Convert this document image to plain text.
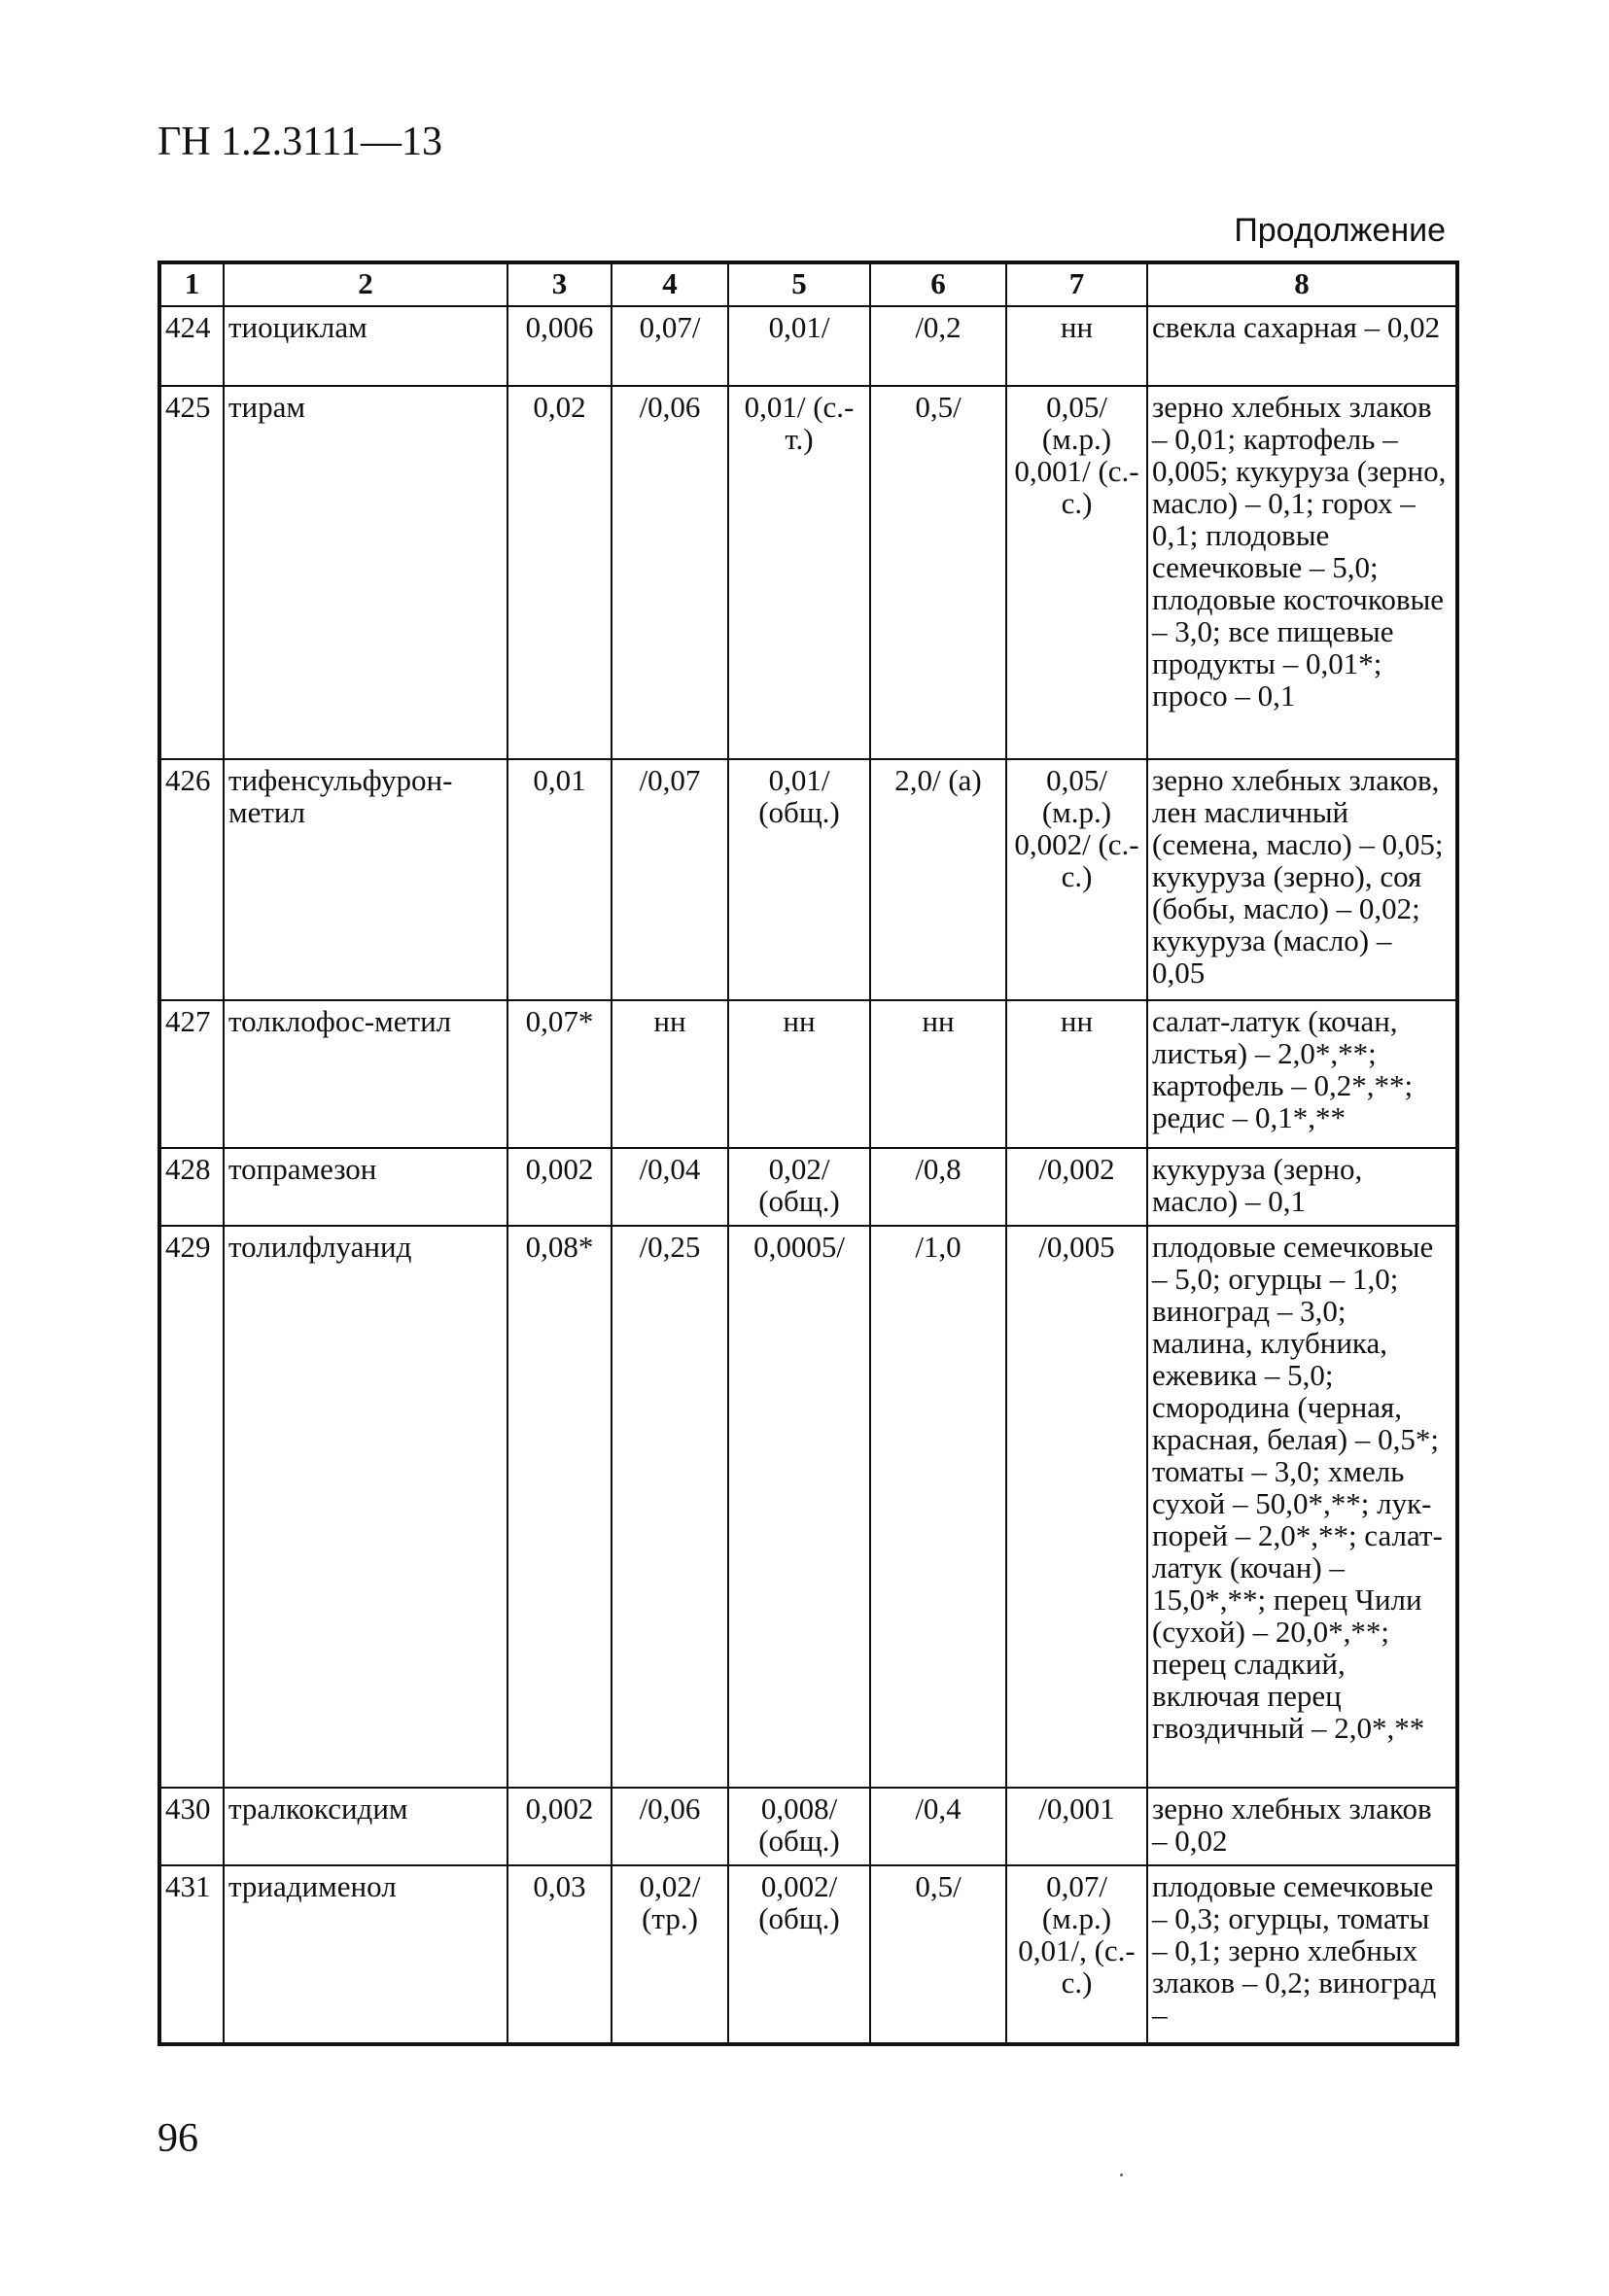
ГН 1.2.3111—13
Продолжение
1	2	3	4	5	6	7	8
424	тиоциклам	0,006	0,07/	0,01/	/0,2	нн	свекла сахарная – 0,02
425	тирам	0,02	/0,06	0,01/ (с.-т.)	0,5/	0,05/ (м.р.) 0,001/ (с.-с.)	зерно хлебных злаков – 0,01; картофель – 0,005; кукуруза (зерно, масло) – 0,1; горох – 0,1; плодовые семечковые – 5,0; плодовые косточковые – 3,0; все пищевые продукты – 0,01*; просо – 0,1
426	тифенсульфурон-метил	0,01	/0,07	0,01/ (общ.)	2,0/ (а)	0,05/ (м.р.) 0,002/ (с.-с.)	зерно хлебных злаков, лен масличный (семена, масло) – 0,05; кукуруза (зерно), соя (бобы, масло) – 0,02; кукуруза (масло) – 0,05
427	толклофос-метил	0,07*	нн	нн	нн	нн	салат-латук (кочан, листья) – 2,0*,**; картофель – 0,2*,**; редис – 0,1*,**
428	топрамезон	0,002	/0,04	0,02/ (общ.)	/0,8	/0,002	кукуруза (зерно, масло) – 0,1
429	толилфлуанид	0,08*	/0,25	0,0005/	/1,0	/0,005	плодовые семечковые – 5,0; огурцы – 1,0; виноград – 3,0; малина, клубника, ежевика – 5,0; смородина (черная, красная, белая) – 0,5*; томаты – 3,0; хмель сухой – 50,0*,**; лук-порей – 2,0*,**; салат-латук (кочан) – 15,0*,**; перец Чили (сухой) – 20,0*,**; перец сладкий, включая перец гвоздичный – 2,0*,**
430	тралкоксидим	0,002	/0,06	0,008/ (общ.)	/0,4	/0,001	зерно хлебных злаков – 0,02
431	триадименол	0,03	0,02/ (тр.)	0,002/ (общ.)	0,5/	0,07/ (м.р.) 0,01/, (с.-с.)	плодовые семечковые – 0,3; огурцы, томаты – 0,1; зерно хлебных злаков – 0,2; виноград –
96
